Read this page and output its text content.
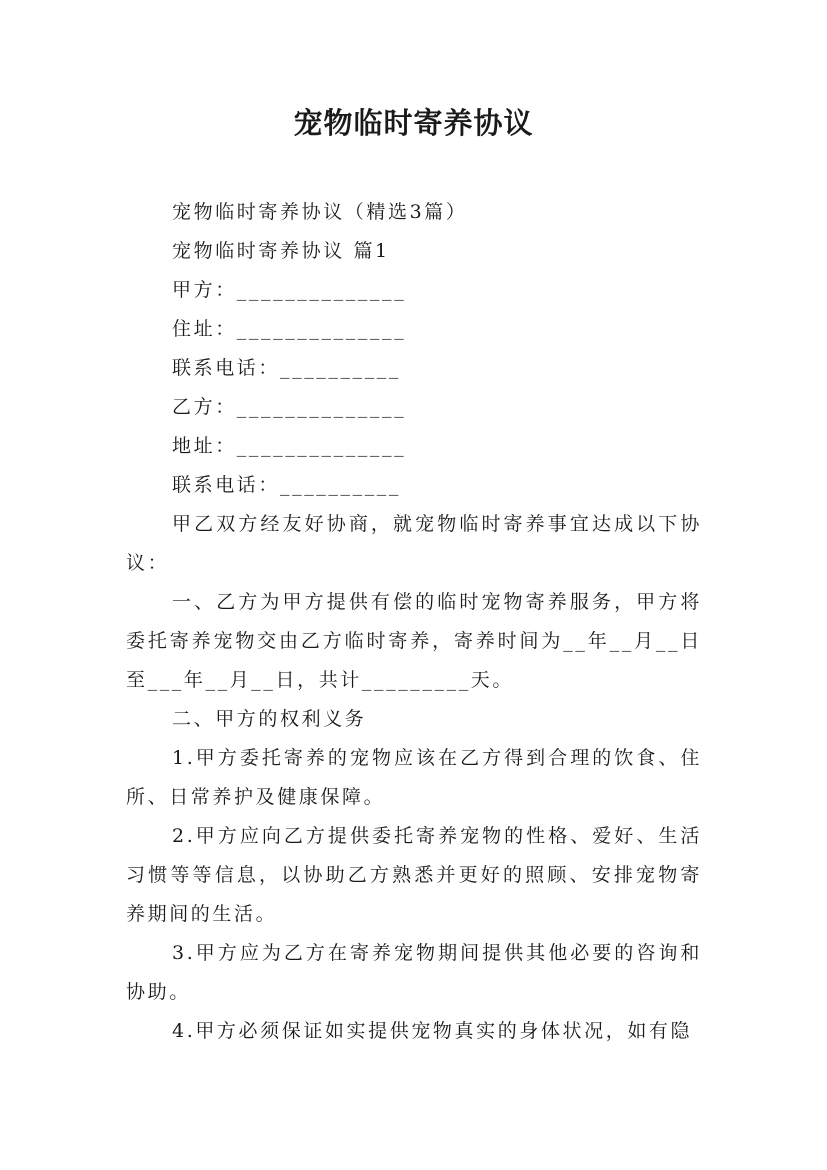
宠物临时寄养协议

宠物临时寄养协议（精选3篇）

宠物临时寄养协议 篇1

甲方：______________

住址：______________

联系电话：__________

乙方：______________

地址：______________

联系电话：__________

甲乙双方经友好协商，就宠物临时寄养事宜达成以下协议：

一、乙方为甲方提供有偿的临时宠物寄养服务，甲方将委托寄养宠物交由乙方临时寄养，寄养时间为__年__月__日至___年__月__日，共计_________天。

二、甲方的权利义务

1.甲方委托寄养的宠物应该在乙方得到合理的饮食、住所、日常养护及健康保障。

2.甲方应向乙方提供委托寄养宠物的性格、爱好、生活习惯等等信息，以协助乙方熟悉并更好的照顾、安排宠物寄养期间的生活。

3.甲方应为乙方在寄养宠物期间提供其他必要的咨询和协助。

4.甲方必须保证如实提供宠物真实的身体状况，如有隐
